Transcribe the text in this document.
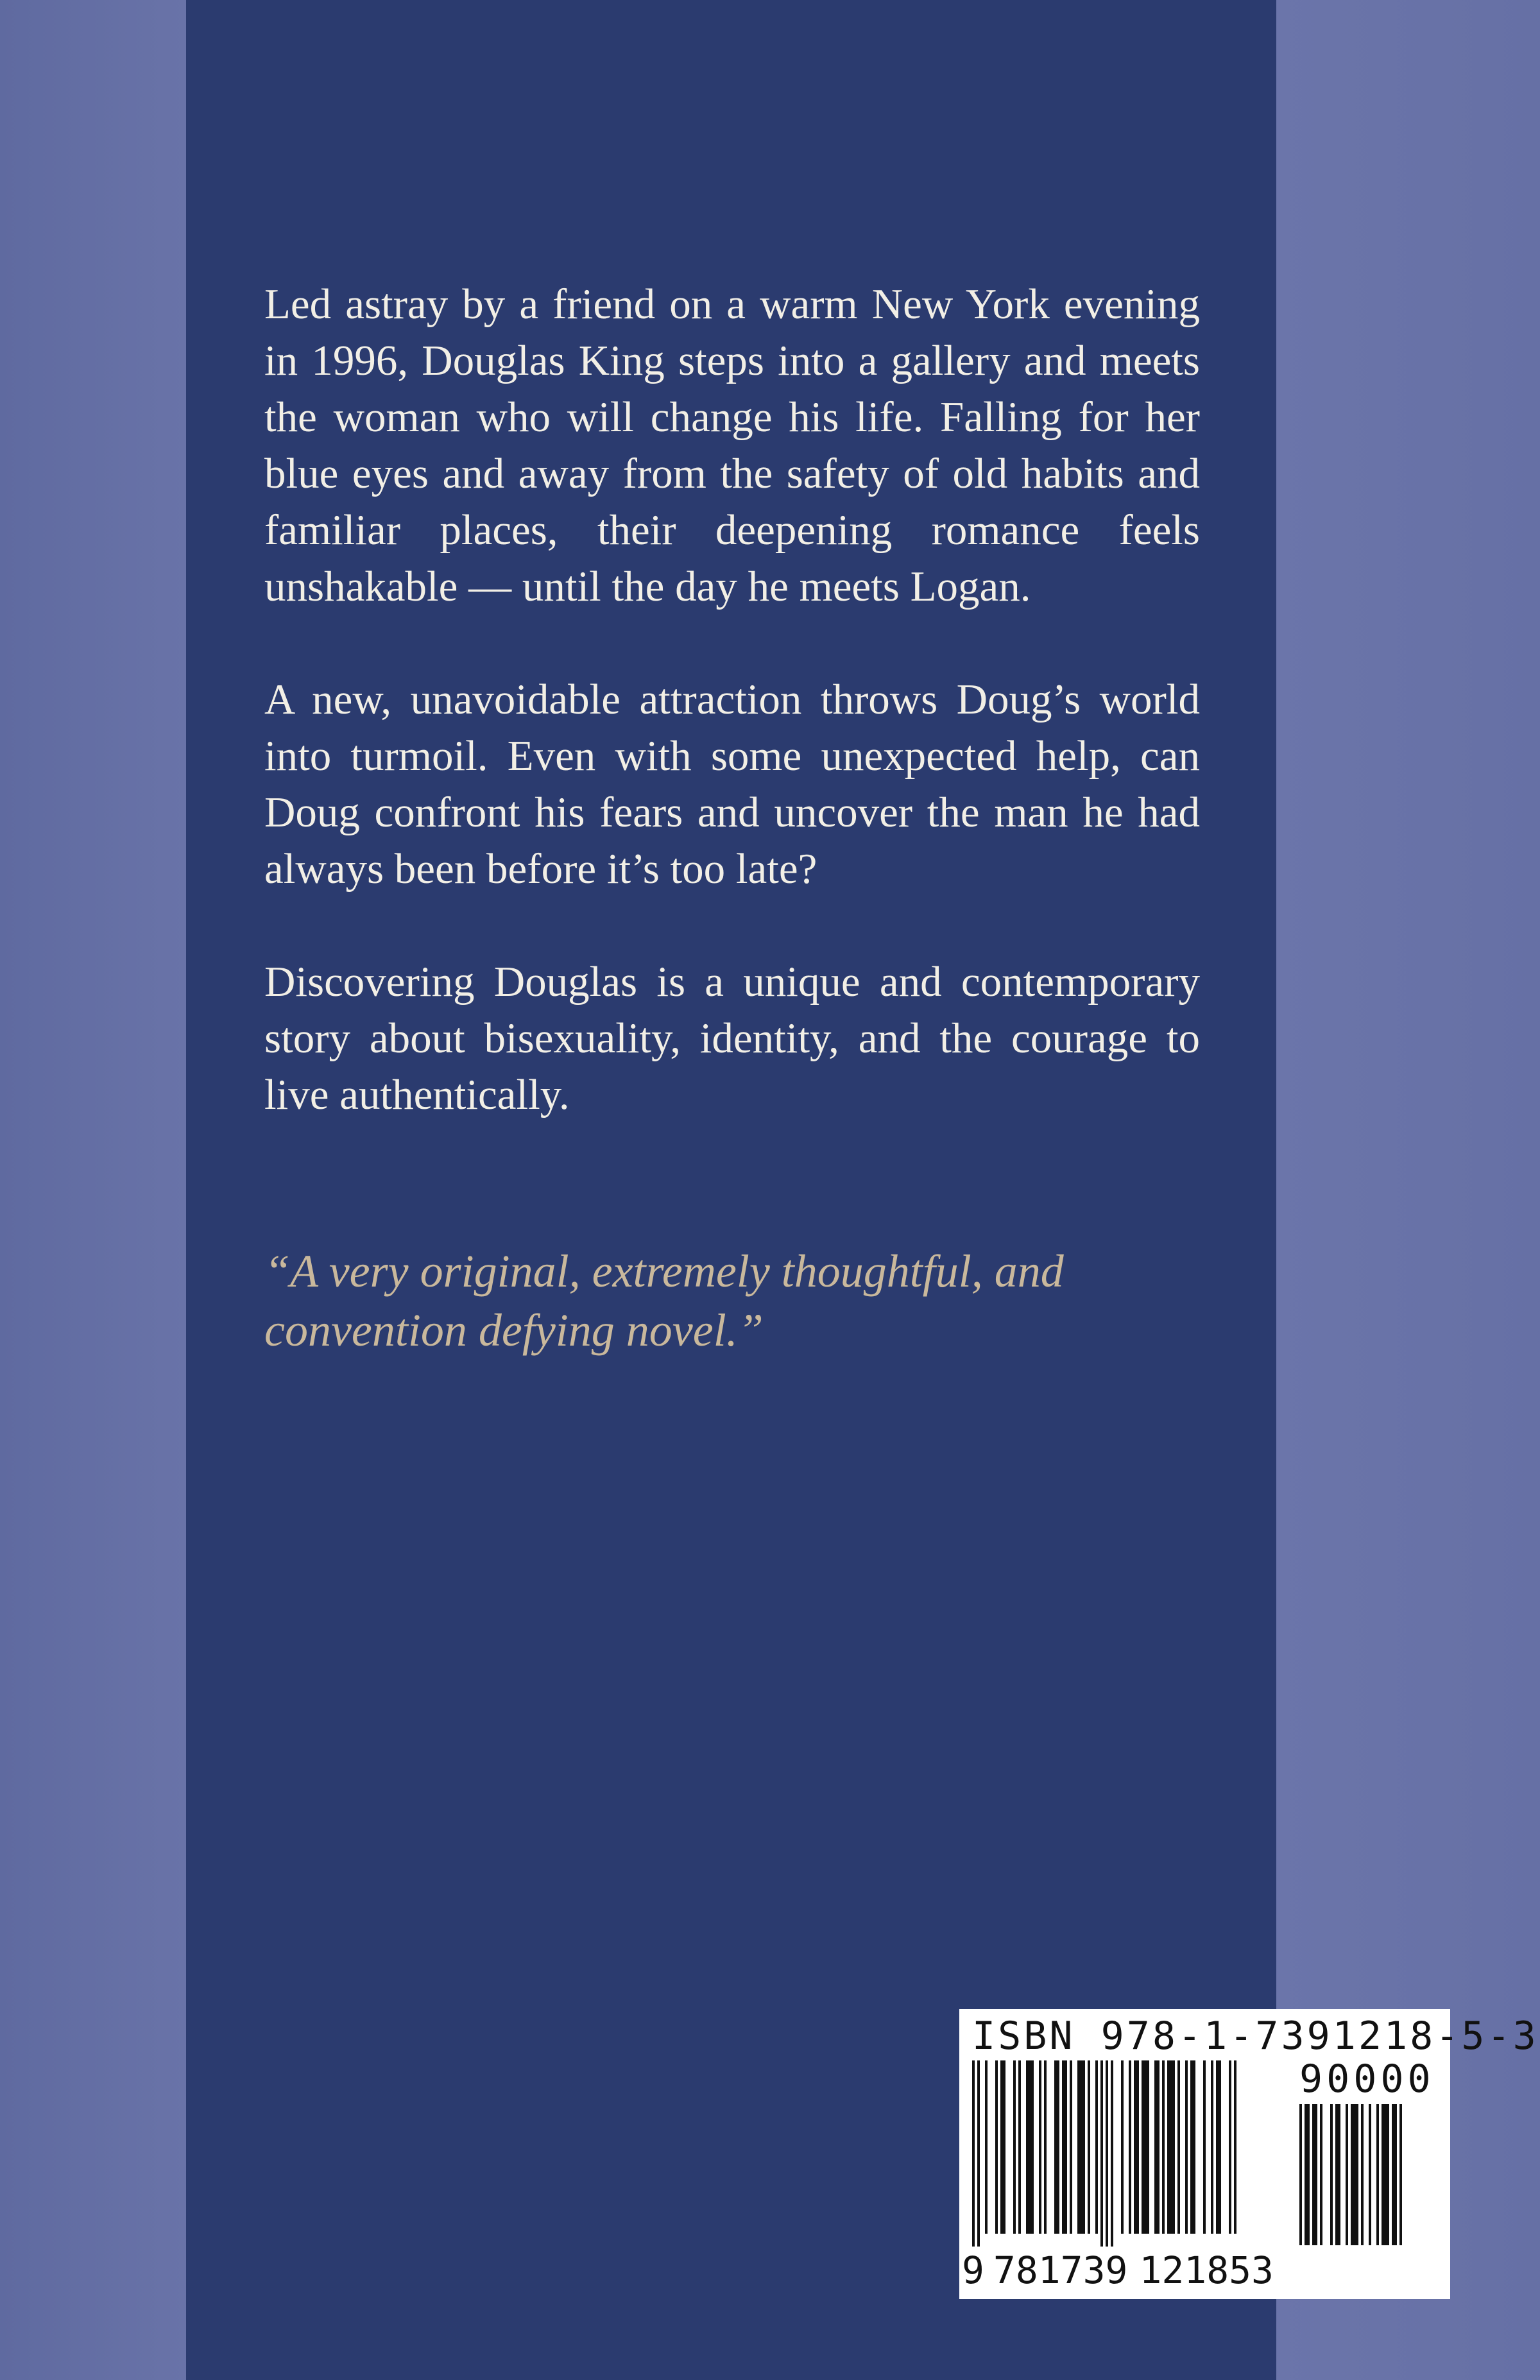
Led astray by a friend on a warm New York evening in 1996, Douglas King steps into a gallery and meets the woman who will change his life. Falling for her blue eyes and away from the safety of old habits and familiar places, their deepening romance feels unshakable — until the day he meets Logan.

A new, unavoidable attraction throws Doug’s world into turmoil. Even with some unexpected help, can Doug confront his fears and uncover the man he had always been before it’s too late?

Discovering Douglas is a unique and contemporary story about bisexuality, identity, and the courage to live authentically.

“A very original, extremely thoughtful, and
convention defying novel.”
ISBN 978-1-7391218-5-3
90000
9 781739 121853
